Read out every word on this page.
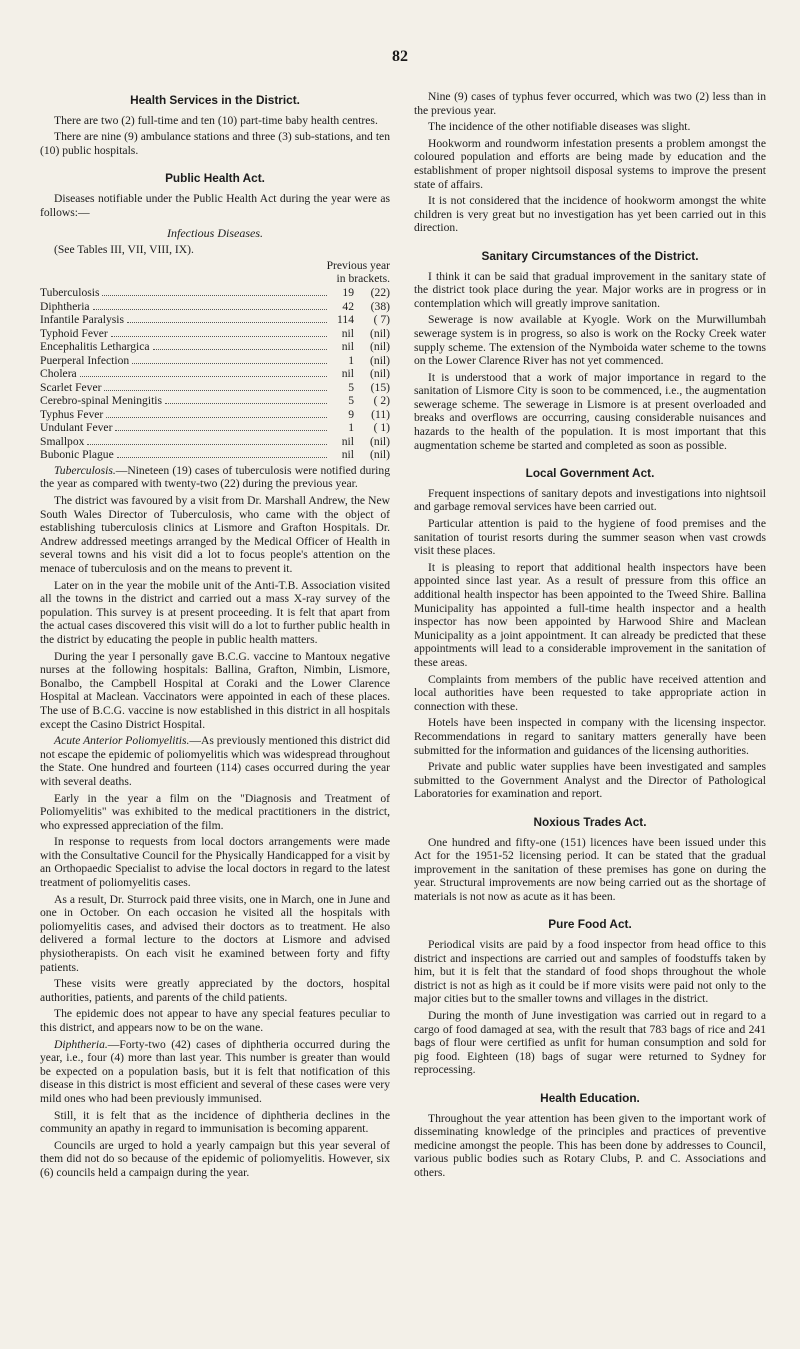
82
Health Services in the District.

There are two (2) full-time and ten (10) part-time baby health centres.

There are nine (9) ambulance stations and three (3) sub-stations, and ten (10) public hospitals.

Public Health Act.

Diseases notifiable under the Public Health Act during the year were as follows:—

Infectious Diseases.

(See Tables III, VII, VIII, IX).

Previous year
in brackets.
Tuberculosis	19	(22)
Diphtheria	42	(38)
Infantile Paralysis	114	( 7)
Typhoid Fever	nil	(nil)
Encephalitis Lethargica	nil	(nil)
Puerperal Infection	1	(nil)
Cholera	nil	(nil)
Scarlet Fever	5	(15)
Cerebro-spinal Meningitis	5	( 2)
Typhus Fever	9	(11)
Undulant Fever	1	( 1)
Smallpox	nil	(nil)
Bubonic Plague	nil	(nil)

Tuberculosis.—Nineteen (19) cases of tuberculosis were notified during the year as compared with twenty-two (22) during the previous year.

The district was favoured by a visit from Dr. Marshall Andrew, the New South Wales Director of Tuberculosis, who came with the object of establishing tuberculosis clinics at Lismore and Grafton Hospitals. Dr. Andrew addressed meetings arranged by the Medical Officer of Health in several towns and his visit did a lot to focus people's attention on the menace of tuberculosis and on the means to prevent it.

Later on in the year the mobile unit of the Anti-T.B. Association visited all the towns in the district and carried out a mass X-ray survey of the population. This survey is at present proceeding. It is felt that apart from the actual cases discovered this visit will do a lot to further public health in the district by educating the people in public health matters.

During the year I personally gave B.C.G. vaccine to Mantoux negative nurses at the following hospitals: Ballina, Grafton, Nimbin, Lismore, Bonalbo, the Campbell Hospital at Coraki and the Lower Clarence Hospital at Maclean. Vaccinators were appointed in each of these places. The use of B.C.G. vaccine is now established in this district in all hospitals except the Casino District Hospital.

Acute Anterior Poliomyelitis.—As previously mentioned this district did not escape the epidemic of poliomyelitis which was widespread throughout the State. One hundred and fourteen (114) cases occurred during the year with several deaths.

Early in the year a film on the "Diagnosis and Treatment of Poliomyelitis" was exhibited to the medical practitioners in the district, who expressed appreciation of the film.

In response to requests from local doctors arrangements were made with the Consultative Council for the Physically Handicapped for a visit by an Orthopaedic Specialist to advise the local doctors in regard to the latest treatment of poliomyelitis cases.

As a result, Dr. Sturrock paid three visits, one in March, one in June and one in October. On each occasion he visited all the hospitals with poliomyelitis cases, and advised their doctors as to treatment. He also delivered a formal lecture to the doctors at Lismore and advised physiotherapists. On each visit he examined between forty and fifty patients.

These visits were greatly appreciated by the doctors, hospital authorities, patients, and parents of the child patients.

The epidemic does not appear to have any special features peculiar to this district, and appears now to be on the wane.

Diphtheria.—Forty-two (42) cases of diphtheria occurred during the year, i.e., four (4) more than last year. This number is greater than would be expected on a population basis, but it is felt that notification of this disease in this district is most efficient and several of these cases were very mild ones who had been previously immunised.

Still, it is felt that as the incidence of diphtheria declines in the community an apathy in regard to immunisation is becoming apparent.

Councils are urged to hold a yearly campaign but this year several of them did not do so because of the epidemic of poliomyelitis. However, six (6) councils held a campaign during the year.

Nine (9) cases of typhus fever occurred, which was two (2) less than in the previous year.

The incidence of the other notifiable diseases was slight.

Hookworm and roundworm infestation presents a problem amongst the coloured population and efforts are being made by education and the establishment of proper nightsoil disposal systems to improve the present state of affairs.

It is not considered that the incidence of hookworm amongst the white children is very great but no investigation has yet been carried out in this direction.

Sanitary Circumstances of the District.

I think it can be said that gradual improvement in the sanitary state of the district took place during the year. Major works are in progress or in contemplation which will greatly improve sanitation.

Sewerage is now available at Kyogle. Work on the Murwillumbah sewerage system is in progress, so also is work on the Rocky Creek water supply scheme. The extension of the Nymboida water scheme to the towns on the Lower Clarence River has not yet commenced.

It is understood that a work of major importance in regard to the sanitation of Lismore City is soon to be commenced, i.e., the augmentation sewerage scheme. The sewerage in Lismore is at present overloaded and breaks and overflows are occurring, causing considerable nuisances and hazards to the health of the population. It is most important that this augmentation scheme be started and completed as soon as possible.

Local Government Act.

Frequent inspections of sanitary depots and investigations into nightsoil and garbage removal services have been carried out.

Particular attention is paid to the hygiene of food premises and the sanitation of tourist resorts during the summer season when vast crowds visit these places.

It is pleasing to report that additional health inspectors have been appointed since last year. As a result of pressure from this office an additional health inspector has been appointed to the Tweed Shire. Ballina Municipality has appointed a full-time health inspector and a health inspector has now been appointed by Harwood Shire and Maclean Municipality as a joint appointment. It can already be predicted that these appointments will lead to a considerable improvement in the sanitation of these areas.

Complaints from members of the public have received attention and local authorities have been requested to take appropriate action in connection with these.

Hotels have been inspected in company with the licensing inspector. Recommendations in regard to sanitary matters generally have been submitted for the information and guidances of the licensing authorities.

Private and public water supplies have been investigated and samples submitted to the Government Analyst and the Director of Pathological Laboratories for examination and report.

Noxious Trades Act.

One hundred and fifty-one (151) licences have been issued under this Act for the 1951-52 licensing period. It can be stated that the gradual improvement in the sanitation of these premises has gone on during the year. Structural improvements are now being carried out as the shortage of materials is not now as acute as it has been.

Pure Food Act.

Periodical visits are paid by a food inspector from head office to this district and inspections are carried out and samples of foodstuffs taken by him, but it is felt that the standard of food shops throughout the whole district is not as high as it could be if more visits were paid not only to the major cities but to the smaller towns and villages in the district.

During the month of June investigation was carried out in regard to a cargo of food damaged at sea, with the result that 783 bags of rice and 241 bags of flour were certified as unfit for human consumption and sold for pig food. Eighteen (18) bags of sugar were returned to Sydney for reprocessing.

Health Education.

Throughout the year attention has been given to the important work of disseminating knowledge of the principles and practices of preventive medicine amongst the people. This has been done by addresses to Council, various public bodies such as Rotary Clubs, P. and C. Associations and others.
